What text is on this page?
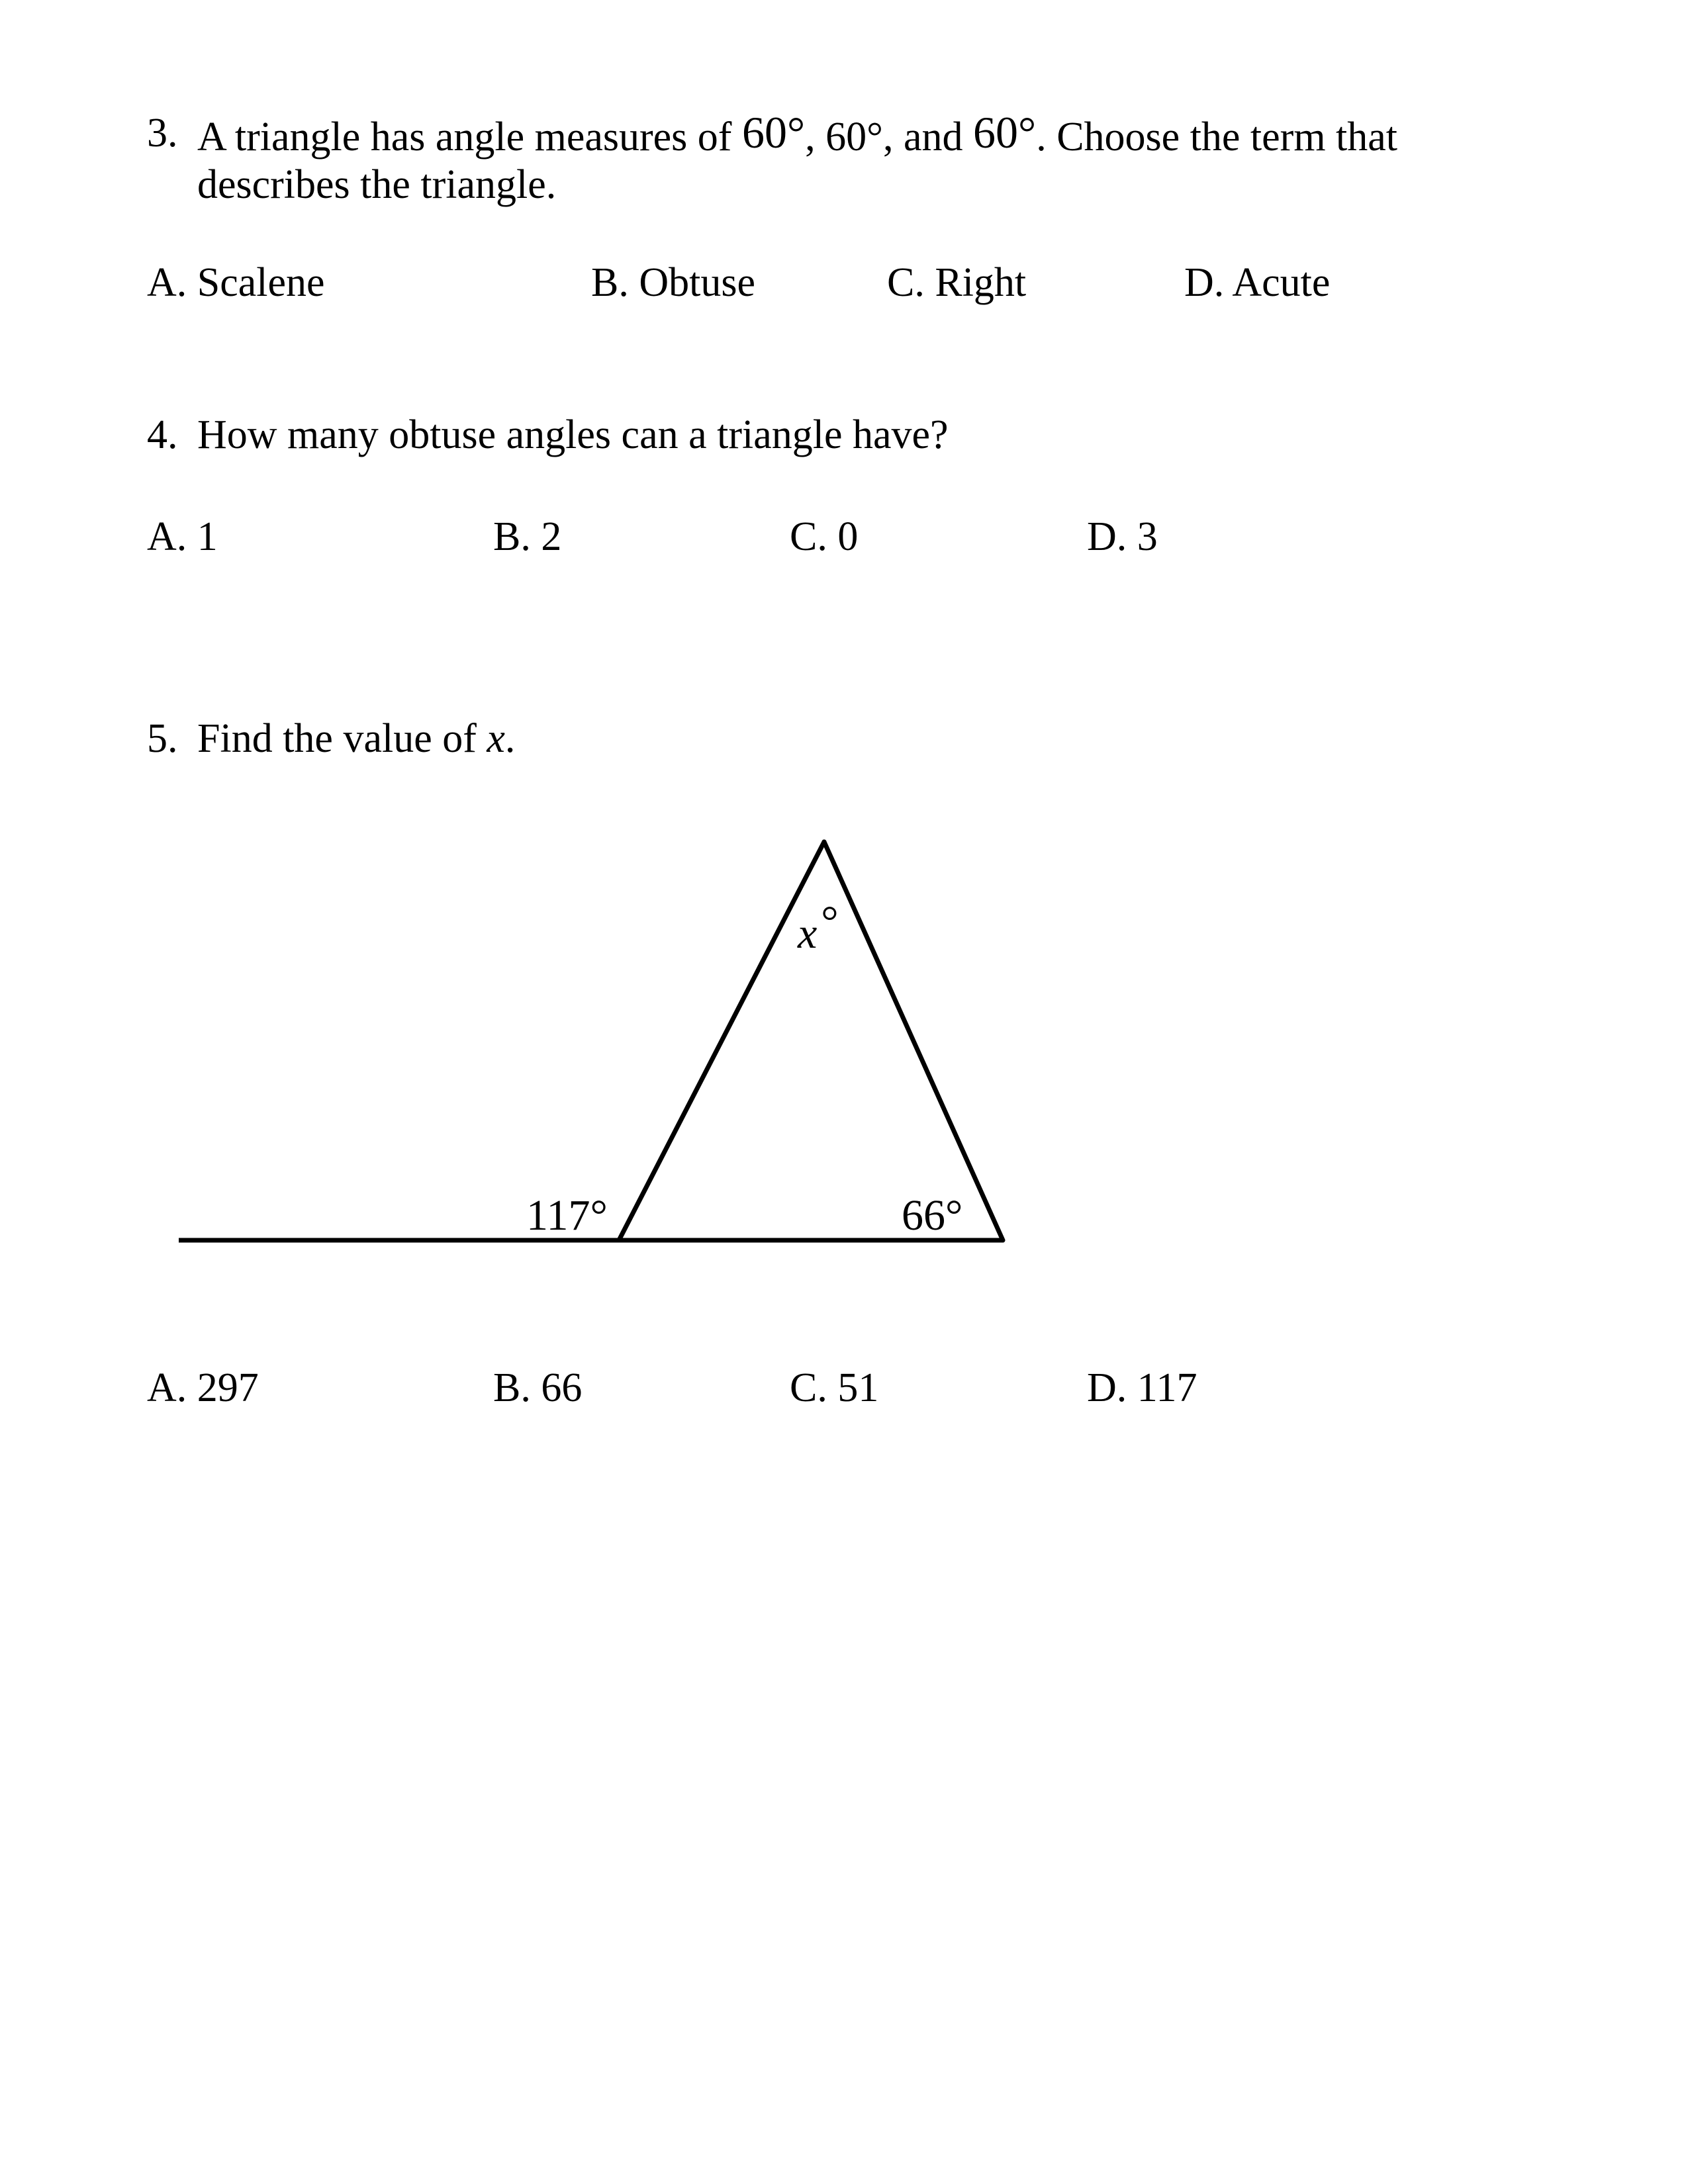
3. A triangle has angle measures of 60°, 60°, and 60°. Choose the term that
describes the triangle.
A. Scalene	B. Obtuse	C. Right	D. Acute
4. How many obtuse angles can a triangle have?
A. 1	B. 2	C. 0	D. 3
5. Find the value of x.
x°
117°	66°
A. 297	B. 66	C. 51	D. 117
